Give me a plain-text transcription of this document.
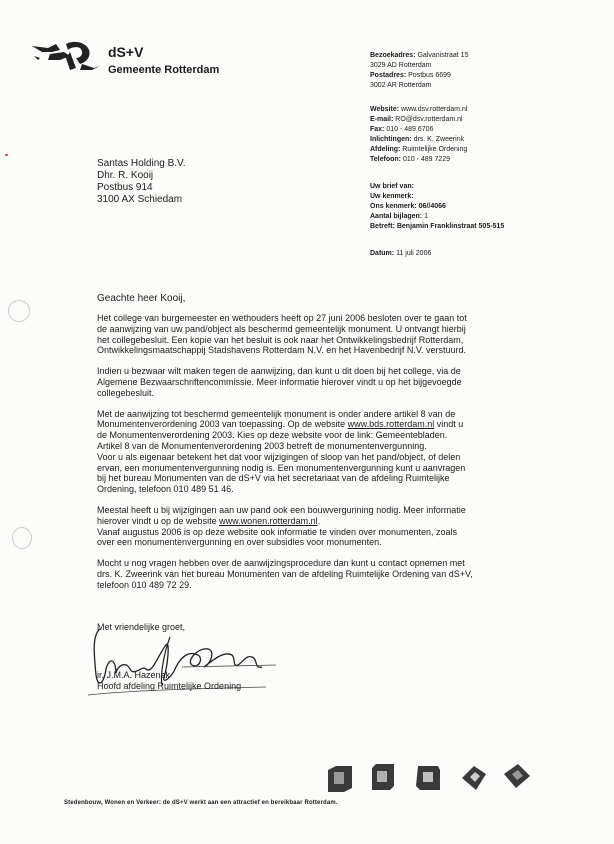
dS+V
Gemeente Rotterdam
Bezoekadres: Galvanistraat 15
3029 AD Rotterdam
Postadres: Postbus 6699
3002 AR Rotterdam
Website: www.dsv.rotterdam.nl
E-mail: RO@dsv.rotterdam.nl
Fax: 010 - 489 6706
Inlichtingen: drs. K. Zweerink
Afdeling: Ruimtelijke Ordening
Telefoon: 010 - 489 7229
Santas Holding B.V.
Dhr. R. Kooij
Postbus 914
3100 AX Schiedam
Uw brief van:
Uw kenmerk:
Ons kenmerk: 06//4066
Aantal bijlagen: 1
Betreft: Benjamin Franklinstraat 505-515
Datum: 11 juli 2006
Geachte heer Kooij,

Het college van burgemeester en wethouders heeft op 27 juni 2006 besloten over te gaan tot
de aanwijzing van uw pand/object als beschermd gemeentelijk monument. U ontvangt hierbij
het collegebesluit. Een kopie van het besluit is ook naar het Ontwikkelingsbedrijf Rotterdam,
Ontwikkelingsmaatschappij Stadshavens Rotterdam N.V. en het Havenbedrijf N.V. verstuurd.

Indien u bezwaar wilt maken tegen de aanwijzing, dan kunt u dit doen bij het college, via de
Algemene Bezwaarschriftencommissie. Meer informatie hierover vindt u op het bijgevoegde
collegebesluit.

Met de aanwijzing tot beschermd gemeentelijk monument is onder andere artikel 8 van de
Monumentenverordening 2003 van toepassing. Op de website www.bds.rotterdam.nl vindt u
de Monumentenverordening 2003. Kies op deze website voor de link: Gemeentebladen.
Artikel 8 van de Monumentenverordening 2003 betreft de monumentenvergunning.
Voor u als eigenaar betekent het dat voor wijzigingen of sloop van het pand/object, of delen
ervan, een monumentenvergunning nodig is. Een monumentenvergunning kunt u aanvragen
bij het bureau Monumenten van de dS+V via het secretariaat van de afdeling Ruimtelijke
Ordening, telefoon 010 489 51 46.

Meestal heeft u bij wijzigingen aan uw pand ook een bouwvergunning nodig. Meer informatie
hierover vindt u op de website www.wonen.rotterdam.nl.
Vanaf augustus 2006 is op deze website ook informatie te vinden over monumenten, zoals
over een monumentenvergunning en over subsidies voor monumenten.

Mocht u nog vragen hebben over de aanwijzingsprocedure dan kunt u contact opnemen met
drs. K. Zweerink van het bureau Monumenten van de afdeling Ruimtelijke Ordening van dS+V,
telefoon 010 489 72 29.

Met vriendelijke groet,
ir. J.M.A. Hazenak
Hoofd afdeling Ruimtelijke Ordening
Stedenbouw, Wonen en Verkeer: de dS+V werkt aan een attractief en bereikbaar Rotterdam.
